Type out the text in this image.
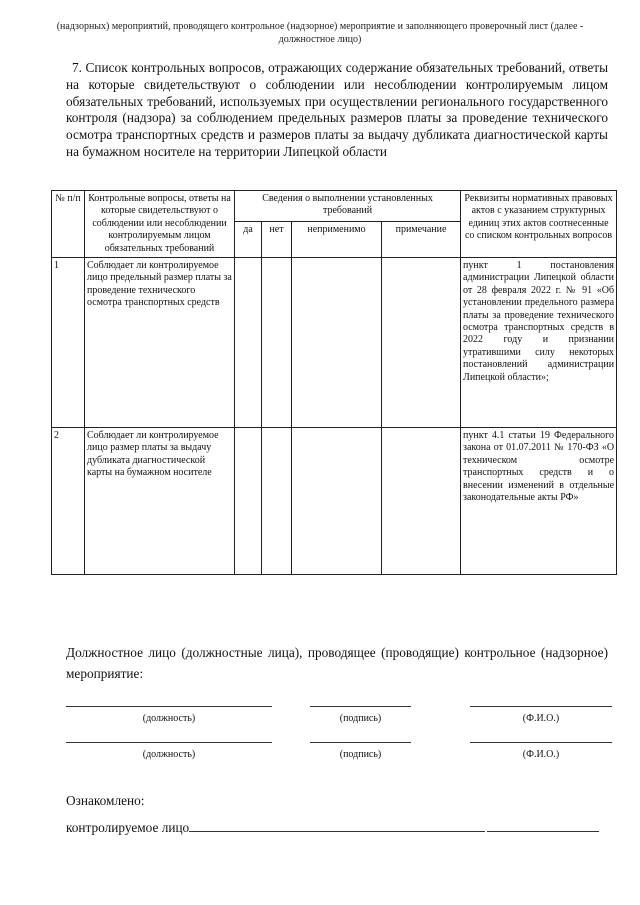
(надзорных) мероприятий, проводящего контрольное (надзорное) мероприятие и заполняющего проверочный лист (далее - должностное лицо)
7. Список контрольных вопросов, отражающих содержание обязательных требований, ответы на которые свидетельствуют о соблюдении или несоблюдении контролируемым лицом обязательных требований, используемых при осуществлении регионального государственного контроля (надзора) за соблюдением предельных размеров платы за проведение технического осмотра транспортных средств и размеров платы за выдачу дубликата диагностической карты на бумажном носителе на территории Липецкой области
№ п/п	Контрольные вопросы, ответы на которые свидетельствуют о соблюдении или несоблюдении контролируемым лицом обязательных требований	Сведения о выполнении установленных требований				Реквизиты нормативных правовых актов с указанием структурных единиц этих актов соотнесенные со списком контрольных вопросов
		да	нет	неприменимо	примечание	
1	Соблюдает ли контролируемое лицо предельный размер платы за проведение технического осмотра транспортных средств					пункт 1 постановления администрации Липецкой области от 28 февраля 2022 г. № 91 «Об установлении предельного размера платы за проведение технического осмотра транспортных средств в 2022 году и признании утратившими силу некоторых постановлений администрации Липецкой области»;
2	Соблюдает ли контролируемое лицо размер платы за выдачу дубликата диагностической карты на бумажном носителе					пункт 4.1 статьи 19 Федерального закона от 01.07.2011 № 170-ФЗ «О техническом осмотре транспортных средств и о внесении изменений в отдельные законодательные акты РФ»
Должностное лицо (должностные лица), проводящее (проводящие) контрольное (надзорное) мероприятие:
(должность)	(подпись)	(Ф.И.О.)
(должность)	(подпись)	(Ф.И.О.)
Ознакомлено:
контролируемое лицо
